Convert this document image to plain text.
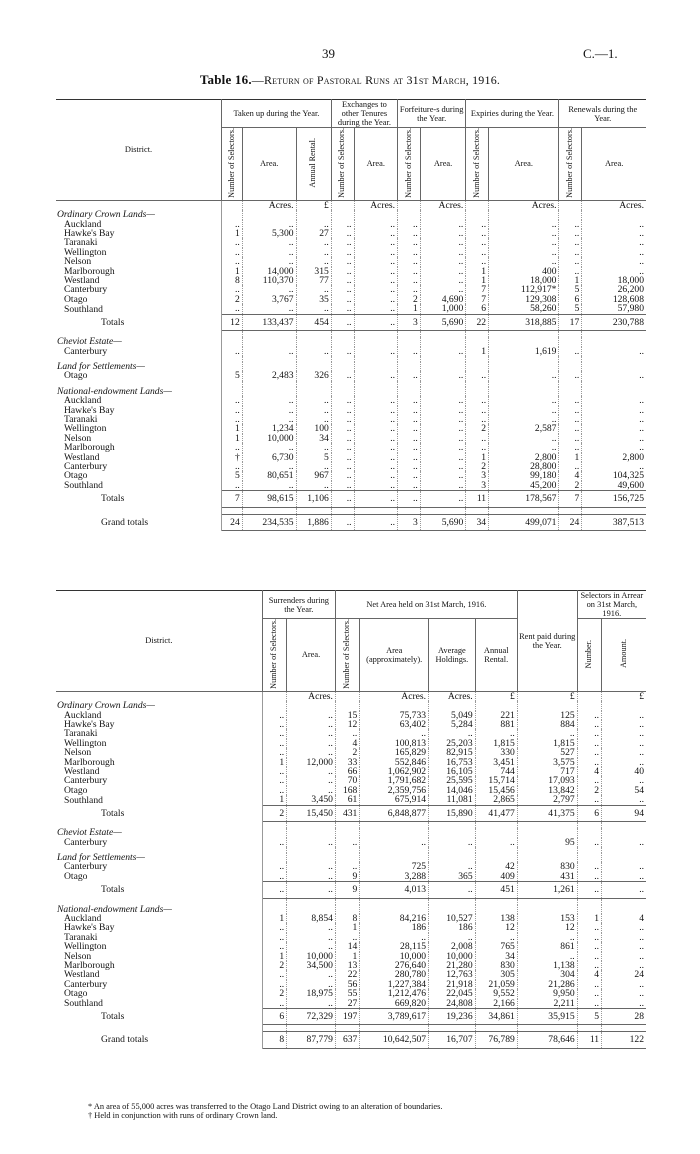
39	C.—1.
Table 16.—Return of Pastoral Runs at 31st March, 1916.
District.	Taken up during the Year.			Exchanges to other Tenures during the Year.		Forfeiture-s during the Year.		Expiries during the Year.		Renewals during the Year.	
	Number of Selectors.	Area.	Annual Rental.	Number of Selectors.	Area.	Number of Selectors.	Area.	Number of Selectors.	Area.	Number of Selectors.	Area.
		Acres.	£		Acres.		Acres.		Acres.		Acres.
Ordinary Crown Lands—											
Auckland	..	..	..	..	..	..	..	..	..	..	..
Hawke's Bay	1	5,300	27	..	..	..	..	..	..	..	..
Taranaki	..	..	..	..	..	..	..	..	..	..	..
Wellington	..	..	..	..	..	..	..	..	..	..	..
Nelson	..	..	..	..	..	..	..	..	..	..	..
Marlborough	1	14,000	315	..	..	..	..	1	400	..	..
Westland	8	110,370	77	..	..	..	..	1	18,000	1	18,000
Canterbury	..	..	..	..	..	..	..	7	112,917*	5	26,200
Otago	2	3,767	35	..	..	2	4,690	7	129,308	6	128,608
Southland	..	..	..	..	..	1	1,000	6	58,260	5	57,980
Totals	12	133,437	454	..	..	3	5,690	22	318,885	17	230,788

Cheviot Estate—											
Canterbury	..	..	..	..	..	..	..	1	1,619	..	..

Land for Settlements—											
Otago	5	2,483	326	..	..	..	..	..	..	..	..

National-endowment Lands—											
Auckland	..	..	..	..	..	..	..	..	..	..	..
Hawke's Bay	..	..	..	..	..	..	..	..	..	..	..
Taranaki	..	..	..	..	..	..	..	..	..	..	..
Wellington	1	1,234	100	..	..	..	..	2	2,587	..	..
Nelson	1	10,000	34	..	..	..	..	..	..	..	..
Marlborough	..	..	..	..	..	..	..	..	..	..	..
Westland	†	6,730	5	..	..	..	..	1	2,800	1	2,800
Canterbury	..	..	..	..	..	..	..	2	28,800	..	..
Otago	5	80,651	967	..	..	..	..	3	99,180	4	104,325
Southland	..	..	..	..	..	..	..	3	45,200	2	49,600
Totals	7	98,615	1,106	..	..	..	..	11	178,567	7	156,725

Grand totals	24	234,535	1,886	..	..	3	5,690	34	499,071	24	387,513
District.	Surrenders during the Year.		Net Area held on 31st March, 1916.				Rent paid during the Year.	Selectors in Arrear on 31st March, 1916.	
	Number of Selectors.	Area.	Number of Selectors.	Area (approximately).	Average Holdings.	Annual Rental.		Number.	Amount.
		Acres.		Acres.	Acres.	£	£		£
Ordinary Crown Lands—									
Auckland	..	..	15	75,733	5,049	221	125	..	..
Hawke's Bay	..	..	12	63,402	5,284	881	884	..	..
Taranaki	..	..	..	..	..	..	..	..	..
Wellington	..	..	4	100,813	25,203	1,815	1,815	..	..
Nelson	..	..	2	165,829	82,915	330	527	..	..
Marlborough	1	12,000	33	552,846	16,753	3,451	3,575	..	..
Westland	..	..	66	1,062,902	16,105	744	717	4	40
Canterbury	..	..	70	1,791,682	25,595	15,714	17,093	..	..
Otago	..	..	168	2,359,756	14,046	15,456	13,842	2	54
Southland	1	3,450	61	675,914	11,081	2,865	2,797	..	..
Totals	2	15,450	431	6,848,877	15,890	41,477	41,375	6	94

Cheviot Estate—									
Canterbury	..	..	..	..	..	..	95	..	..

Land for Settlements—									
Canterbury	..	..	..	725	..	42	830	..	..
Otago	..	..	9	3,288	365	409	431	..	..
Totals	..	..	9	4,013	..	451	1,261	..	..

National-endowment Lands—									
Auckland	1	8,854	8	84,216	10,527	138	153	1	4
Hawke's Bay	..	..	1	186	186	12	12	..	..
Taranaki	..	..	..	..	..	..	..	..	..
Wellington	..	..	14	28,115	2,008	765	861	..	..
Nelson	1	10,000	1	10,000	10,000	34	..	..	..
Marlborough	2	34,500	13	276,640	21,280	830	1,138	..	..
Westland	..	..	22	280,780	12,763	305	304	4	24
Canterbury	..	..	56	1,227,384	21,918	21,059	21,286	..	..
Otago	2	18,975	55	1,212,476	22,045	9,552	9,950	..	..
Southland	..	..	27	669,820	24,808	2,166	2,211	..	..
Totals	6	72,329	197	3,789,617	19,236	34,861	35,915	5	28

Grand totals	8	87,779	637	10,642,507	16,707	76,789	78,646	11	122
* An area of 55,000 acres was transferred to the Otago Land District owing to an alteration of boundaries.
† Held in conjunction with runs of ordinary Crown land.
